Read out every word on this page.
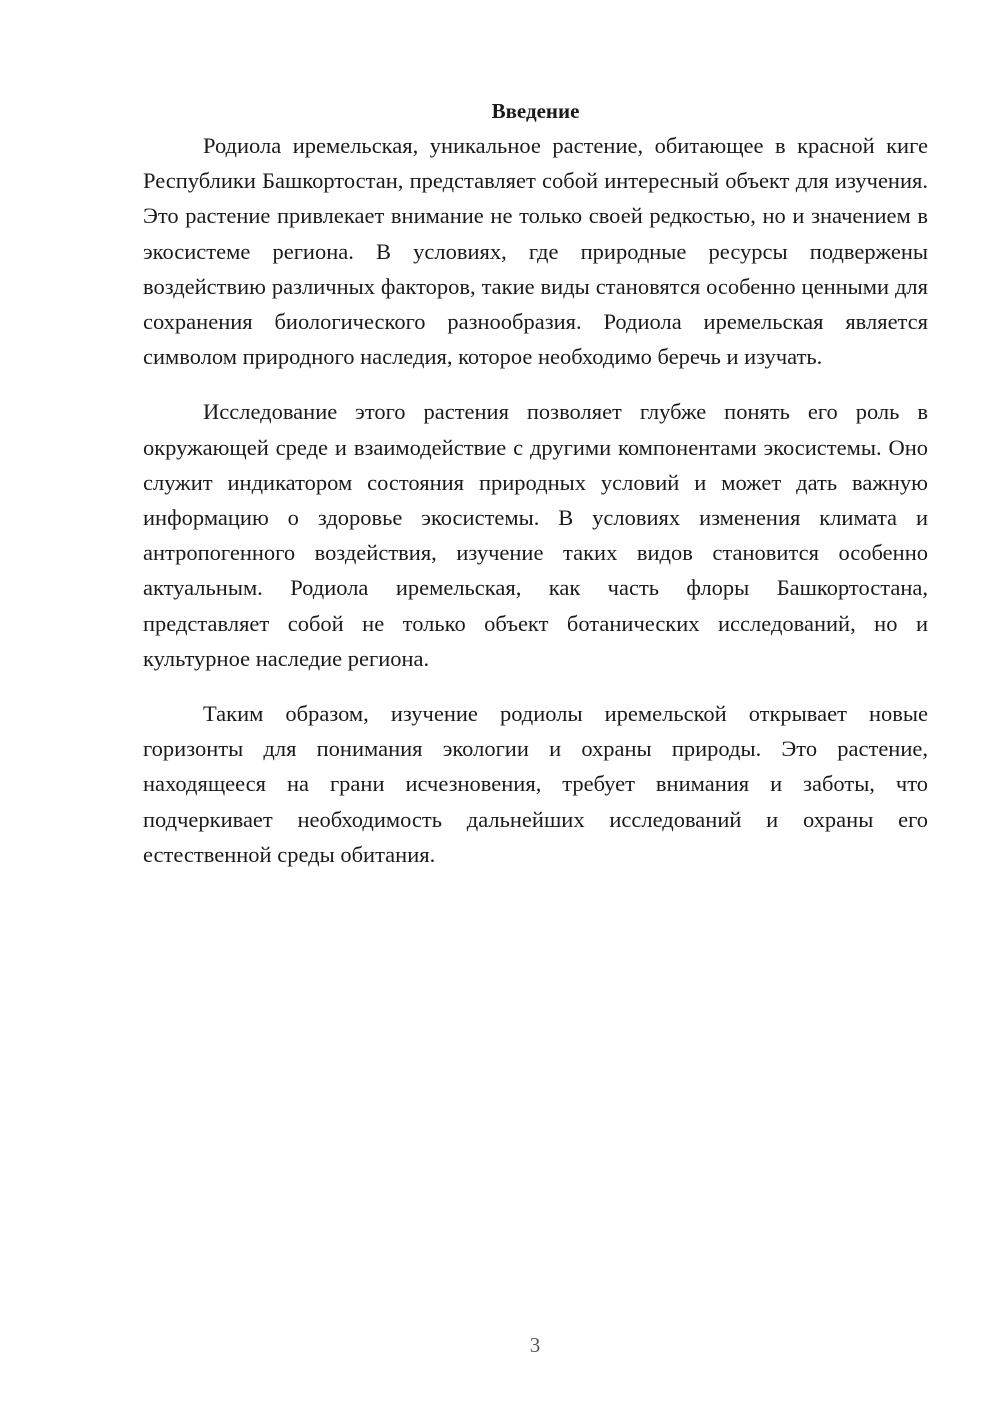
Введение

Родиола иремельская, уникальное растение, обитающее в красной киге Республики Башкортостан, представляет собой интересный объект для изучения. Это растение привлекает внимание не только своей редкостью, но и значением в экосистеме региона. В условиях, где природные ресурсы подвержены воздействию различных факторов, такие виды становятся особенно ценными для сохранения биологического разнообразия. Родиола иремельская является символом природного наследия, которое необходимо беречь и изучать.

Исследование этого растения позволяет глубже понять его роль в окружающей среде и взаимодействие с другими компонентами экосистемы. Оно служит индикатором состояния природных условий и может дать важную информацию о здоровье экосистемы. В условиях изменения климата и антропогенного воздействия, изучение таких видов становится особенно актуальным. Родиола иремельская, как часть флоры Башкортостана, представляет собой не только объект ботанических исследований, но и культурное наследие региона.

Таким образом, изучение родиолы иремельской открывает новые горизонты для понимания экологии и охраны природы. Это растение, находящееся на грани исчезновения, требует внимания и заботы, что подчеркивает необходимость дальнейших исследований и охраны его естественной среды обитания.

3
